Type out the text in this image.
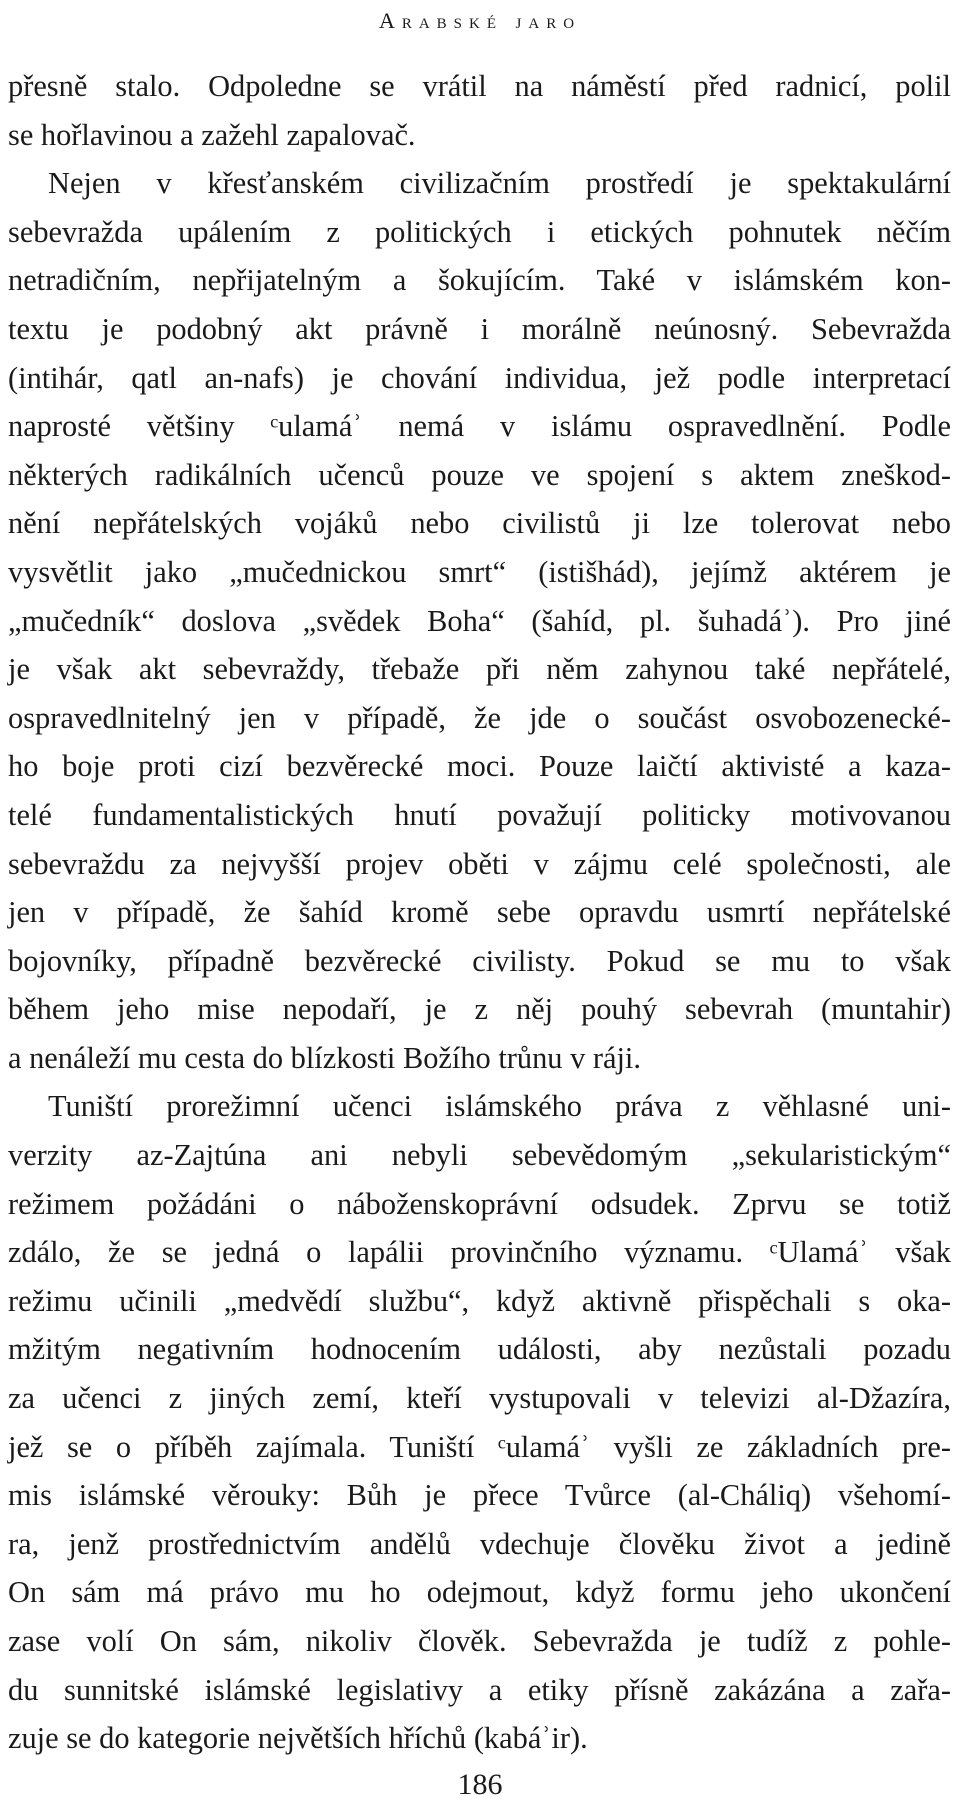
Arabské jaro
přesně stalo. Odpoledne se vrátil na náměstí před radnicí, polil
se hořlavinou a zažehl zapalovač.
Nejen v křesťanském civilizačním prostředí je spektakulární
sebevražda upálením z politických i etických pohnutek něčím
netradičním, nepřijatelným a šokujícím. Také v islámském kon-
textu je podobný akt právně i morálně neúnosný. Sebevražda
(intihár, qatl an-nafs) je chování individua, jež podle interpretací
naprosté většiny ᶜulamáʾ nemá v islámu ospravedlnění. Podle
některých radikálních učenců pouze ve spojení s aktem zneškod-
nění nepřátelských vojáků nebo civilistů ji lze tolerovat nebo
vysvětlit jako „mučednickou smrt“ (istišhád), jejímž aktérem je
„mučedník“ doslova „svědek Boha“ (šahíd, pl. šuhadáʾ). Pro jiné
je však akt sebevraždy, třebaže při něm zahynou také nepřátelé,
ospravedlnitelný jen v případě, že jde o součást osvobozenecké-
ho boje proti cizí bezvěrecké moci. Pouze laičtí aktivisté a kaza-
telé fundamentalistických hnutí považují politicky motivovanou
sebevraždu za nejvyšší projev oběti v zájmu celé společnosti, ale
jen v případě, že šahíd kromě sebe opravdu usmrtí nepřátelské
bojovníky, případně bezvěrecké civilisty. Pokud se mu to však
během jeho mise nepodaří, je z něj pouhý sebevrah (muntahir)
a nenáleží mu cesta do blízkosti Božího trůnu v ráji.
Tuniští prorežimní učenci islámského práva z věhlasné uni-
verzity az-Zajtúna ani nebyli sebevědomým „sekularistickým“
režimem požádáni o náboženskoprávní odsudek. Zprvu se totiž
zdálo, že se jedná o lapálii provinčního významu. ᶜUlamáʾ však
režimu učinili „medvědí službu“, když aktivně přispěchali s oka-
mžitým negativním hodnocením události, aby nezůstali pozadu
za učenci z jiných zemí, kteří vystupovali v televizi al-Džazíra,
jež se o příběh zajímala. Tuniští ᶜulamáʾ vyšli ze základních pre-
mis islámské věrouky: Bůh je přece Tvůrce (al-Cháliq) všehomí-
ra, jenž prostřednictvím andělů vdechuje člověku život a jedině
On sám má právo mu ho odejmout, když formu jeho ukončení
zase volí On sám, nikoliv člověk. Sebevražda je tudíž z pohle-
du sunnitské islámské legislativy a etiky přísně zakázána a zařa-
zuje se do kategorie největších hříchů (kabáʾir).
186
